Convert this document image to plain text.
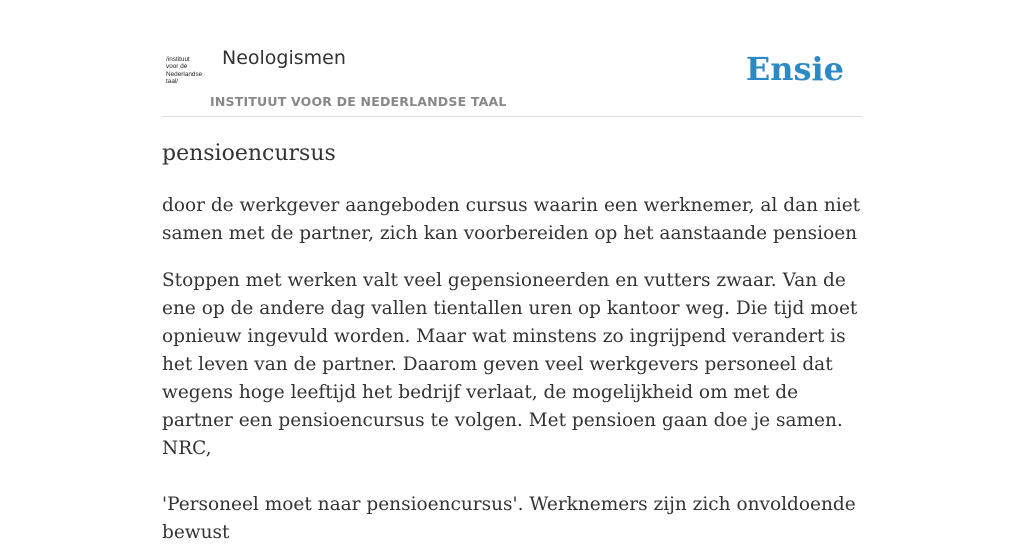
/instituut
voor de
Nederlandse
taal/
Neologismen
INSTITUUT VOOR DE NEDERLANDSE TAAL
Ensie
pensioencursus

door de werkgever aangeboden cursus waarin een werknemer, al dan niet samen met de partner, zich kan voorbereiden op het aanstaande pensioen

Stoppen met werken valt veel gepensioneerden en vutters zwaar. Van de ene op de andere dag vallen tientallen uren op kantoor weg. Die tijd moet opnieuw ingevuld worden. Maar wat minstens zo ingrijpend verandert is het leven van de partner. Daarom geven veel werkgevers personeel dat wegens hoge leeftijd het bedrijf verlaat, de mogelijkheid om met de partner een pensioencursus te volgen. Met pensioen gaan doe je samen.
NRC,
'Personeel moet naar pensioencursus'. Werknemers zijn zich onvoldoende bewust
